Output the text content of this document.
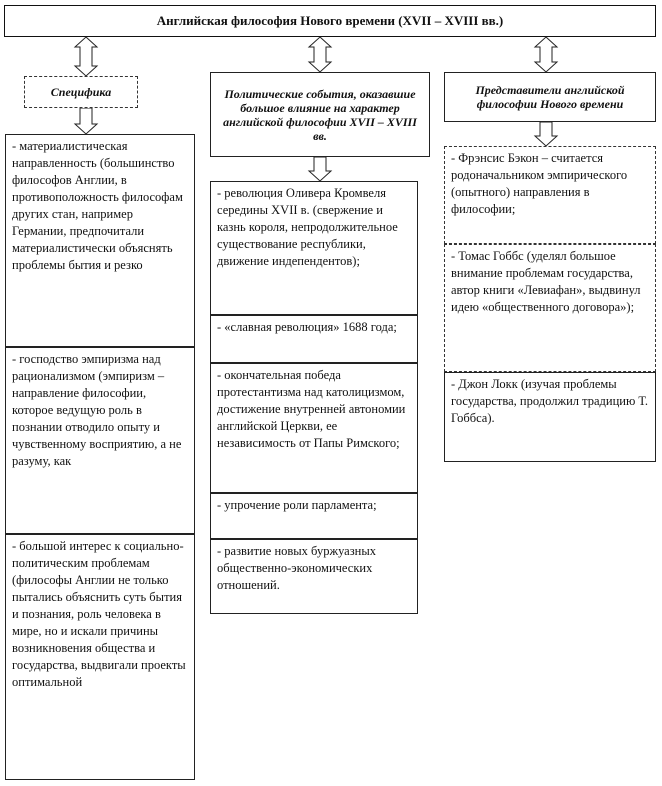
Английская философия Нового времени (XVII – XVIII вв.)
Специфика	Политические события, оказавшие большое влияние на характер английской философии XVII – XVIII вв.
Представители английской философии Нового времени
- материалистическая направленность (большинство философов Англии, в противоположность философам других стан, например Германии, предпочитали материалистически объяснять проблемы бытия и резко
- господство эмпиризма над рационализмом (эмпиризм – направление философии, которое ведущую роль в познании отводило опыту и чувственному восприятию, а не разуму, как
- большой интерес к социально-политическим проблемам (философы Англии не только пытались объяснить суть бытия и познания, роль человека в мире, но и искали причины возникновения общества и государства, выдвигали проекты оптимальной
- революция Оливера Кромвеля середины XVII в. (свержение и казнь короля, непродолжительное существование республики, движение индепендентов);
- «славная революция» 1688 года;
- окончательная победа протестантизма над католицизмом, достижение внутренней автономии английской Церкви, ее независимость от Папы Римского;
- упрочение роли парламента;
- развитие новых буржуазных общественно-экономических отношений.
- Фрэнсис Бэкон – считается родоначальником эмпирического (опытного) направления в философии;
- Томас Гоббс (уделял большое внимание проблемам государства, автор книги «Левиафан», выдвинул идею «общественного договора»);
- Джон Локк (изучая проблемы государства, продолжил традицию Т. Гоббса).
